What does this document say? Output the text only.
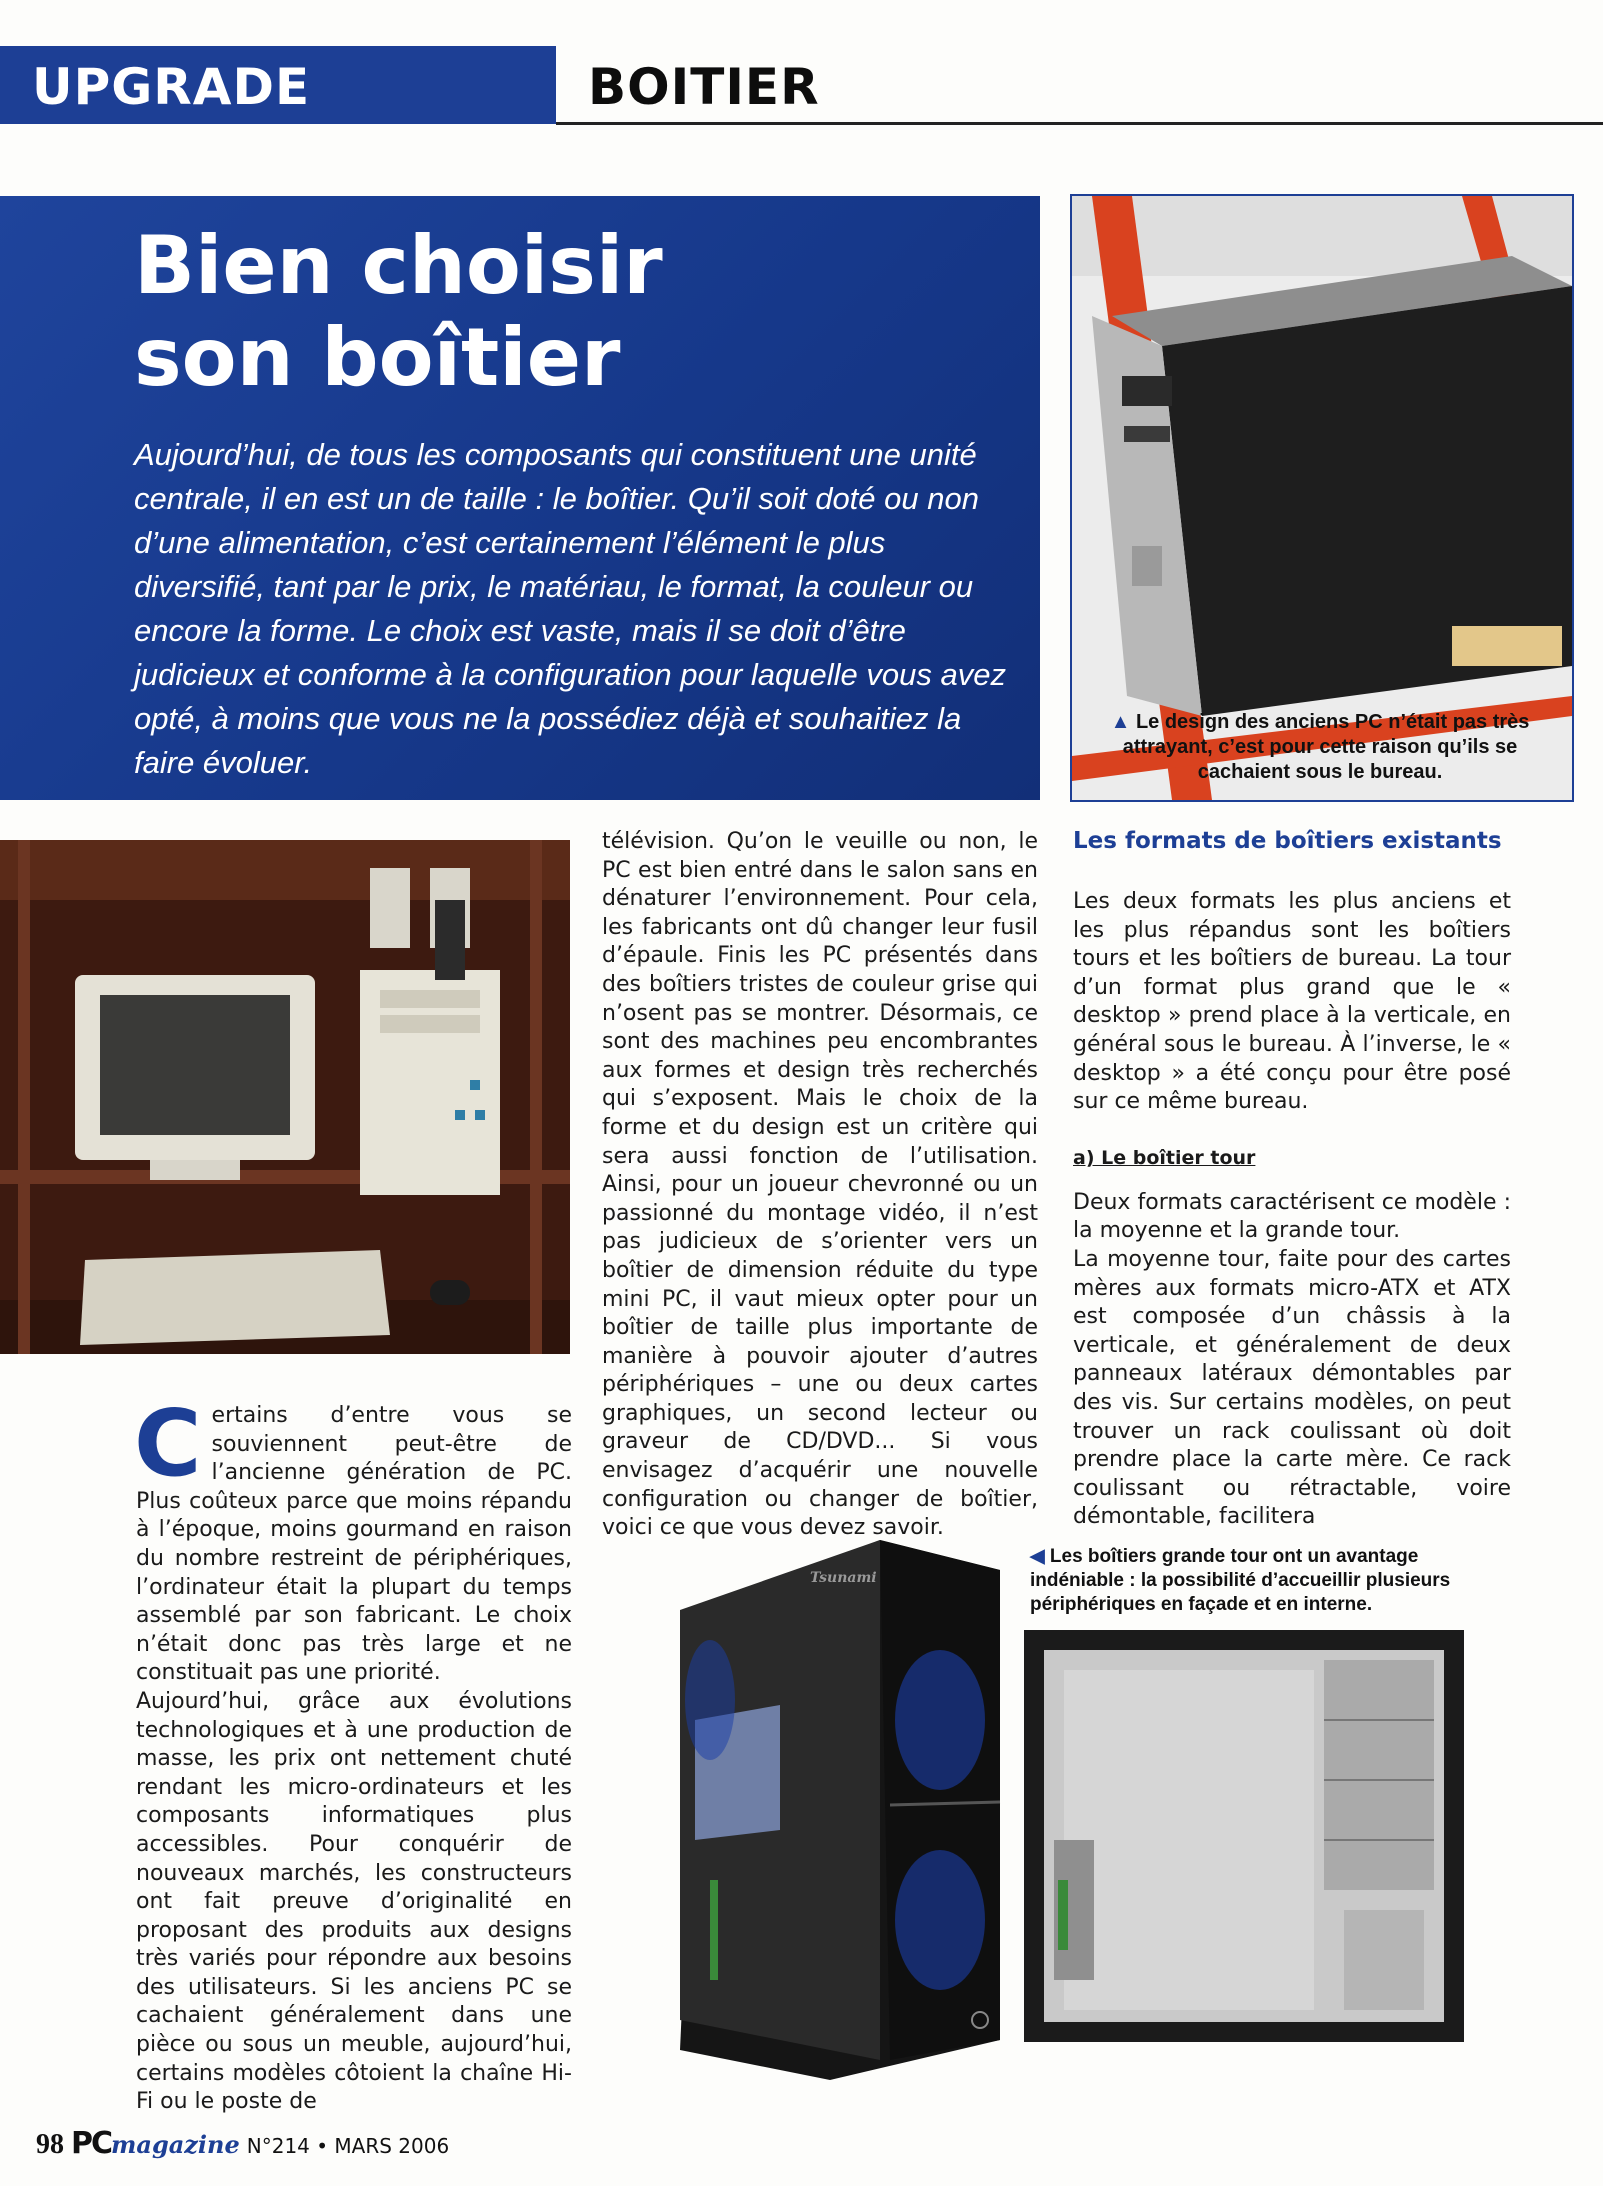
UPGRADE	BOITIER
Bien choisir
son boîtier

Aujourd’hui, de tous les composants qui constituent une unité centrale, il en est un de taille : le boîtier. Qu’il soit doté ou non d’une alimentation, c’est certainement l’élément le plus diversifié, tant par le prix, le matériau, le format, la couleur ou encore la forme. Le choix est vaste, mais il se doit d’être judicieux et conforme à la configuration pour laquelle vous avez opté, à moins que vous ne la possédiez déjà et souhaitiez la faire évoluer.

▲ Le design des anciens PC n’était pas très attrayant, c’est pour cette raison qu’ils se cachaient sous le bureau.

Certains d’entre vous se souviennent peut-être de l’ancienne génération de PC. Plus coûteux parce que moins répandu à l’époque, moins gourmand en raison du nombre restreint de périphériques, l’ordinateur était la plupart du temps assemblé par son fabricant. Le choix n’était donc pas très large et ne constituait pas une priorité.

Aujourd’hui, grâce aux évolutions technologiques et à une production de masse, les prix ont nettement chuté rendant les micro-ordinateurs et les composants informatiques plus accessibles. Pour conquérir de nouveaux marchés, les constructeurs ont fait preuve d’originalité en proposant des produits aux designs très variés pour répondre aux besoins des utilisateurs. Si les anciens PC se cachaient généralement dans une pièce ou sous un meuble, aujourd’hui, certains modèles côtoient la chaîne Hi-Fi ou le poste de

télévision. Qu’on le veuille ou non, le PC est bien entré dans le salon sans en dénaturer l’environnement. Pour cela, les fabricants ont dû changer leur fusil d’épaule. Finis les PC présentés dans des boîtiers tristes de couleur grise qui n’osent pas se montrer. Désormais, ce sont des machines peu encombrantes aux formes et design très recherchés qui s’exposent. Mais le choix de la forme et du design est un critère qui sera aussi fonction de l’utilisation. Ainsi, pour un joueur chevronné ou un passionné du montage vidéo, il n’est pas judicieux de s’orienter vers un boîtier de dimension réduite du type mini PC, il vaut mieux opter pour un boîtier de taille plus importante de manière à pouvoir ajouter d’autres périphériques – une ou deux cartes graphiques, un second lecteur ou graveur de CD/DVD... Si vous envisagez d’acquérir une nouvelle configuration ou changer de boîtier, voici ce que vous devez savoir.

Les formats de boîtiers existants

Les deux formats les plus anciens et les plus répandus sont les boîtiers tours et les boîtiers de bureau. La tour d’un format plus grand que le « desktop » prend place à la verticale, en général sous le bureau. À l’inverse, le « desktop » a été conçu pour être posé sur ce même bureau.

a) Le boîtier tour

Deux formats caractérisent ce modèle : la moyenne et la grande tour.

La moyenne tour, faite pour des cartes mères aux formats micro-ATX et ATX est composée d’un châssis à la verticale, et généralement de deux panneaux latéraux démontables par des vis. Sur certains modèles, on peut trouver un rack coulissant où doit prendre place la carte mère. Ce rack coulissant ou rétractable, voire démontable, facilitera

Tsunami

◀ Les boîtiers grande tour ont un avantage indéniable : la possibilité d’accueillir plusieurs périphériques en façade et en interne.

98 PCmagazine N°214 • MARS 2006
